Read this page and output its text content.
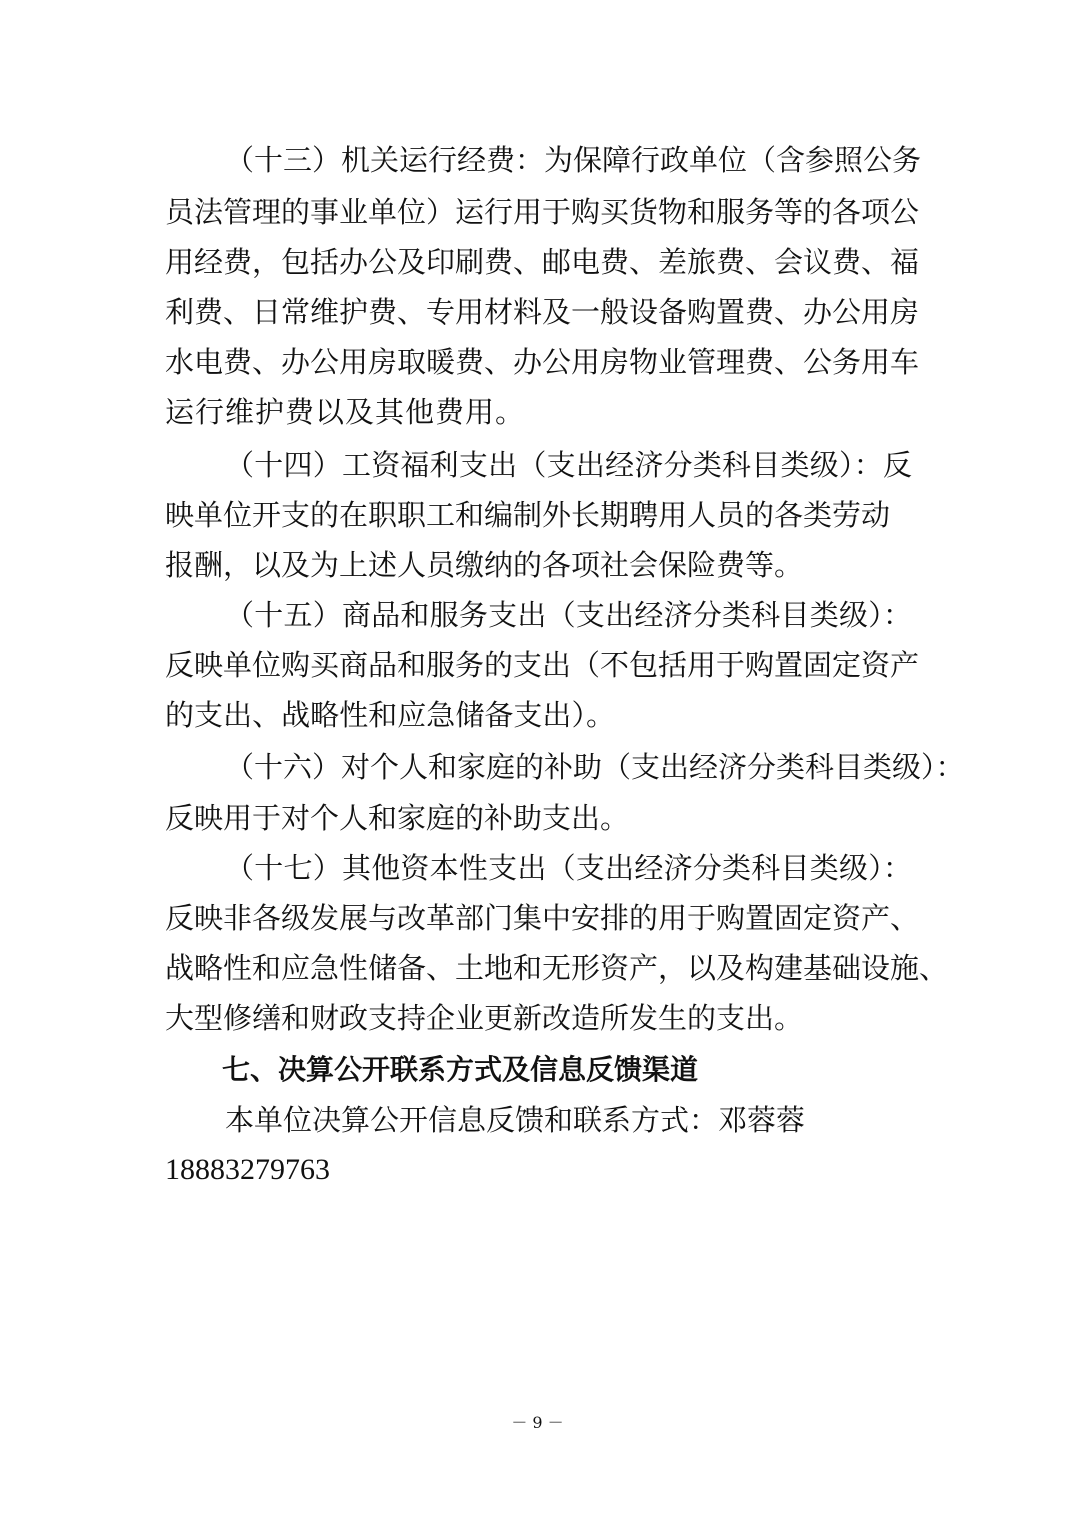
（十三）机关运行经费：为保障行政单位（含参照公务
员法管理的事业单位）运行用于购买货物和服务等的各项公
用经费，包括办公及印刷费、邮电费、差旅费、会议费、福
利费、日常维护费、专用材料及一般设备购置费、办公用房
水电费、办公用房取暖费、办公用房物业管理费、公务用车
运行维护费以及其他费用。
（十四）工资福利支出（支出经济分类科目类级）：反
映单位开支的在职职工和编制外长期聘用人员的各类劳动
报酬，以及为上述人员缴纳的各项社会保险费等。
（十五）商品和服务支出（支出经济分类科目类级）：
反映单位购买商品和服务的支出（不包括用于购置固定资产
的支出、战略性和应急储备支出）。
（十六）对个人和家庭的补助（支出经济分类科目类级）：
反映用于对个人和家庭的补助支出。
（十七）其他资本性支出（支出经济分类科目类级）：
反映非各级发展与改革部门集中安排的用于购置固定资产、
战略性和应急性储备、土地和无形资产，以及构建基础设施、
大型修缮和财政支持企业更新改造所发生的支出。
七、决算公开联系方式及信息反馈渠道
本单位决算公开信息反馈和联系方式：邓蓉蓉
18883279763
－ 9 －
